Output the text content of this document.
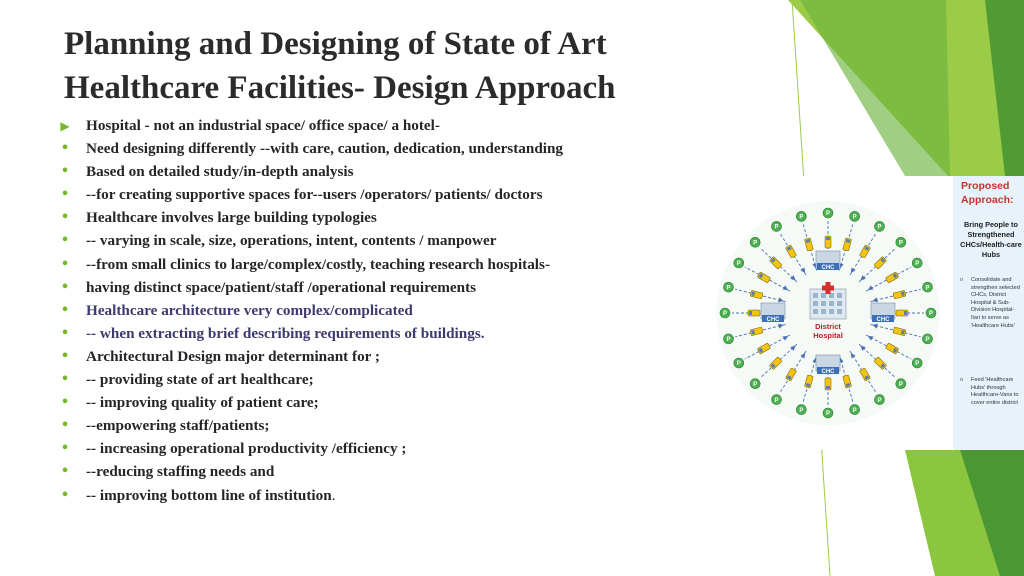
Planning and Designing of State of Art
Healthcare Facilities- Design Approach
▶ Hospital - not an industrial space/ office space/ a hotel-
• Need designing differently --with care, caution, dedication, understanding
• Based on detailed study/in-depth analysis
• --for creating supportive spaces for--users /operators/ patients/ doctors
• Healthcare involves large building typologies
• -- varying in scale, size, operations, intent, contents / manpower
• --from small clinics to large/complex/costly, teaching research hospitals-
• having distinct space/patient/staff /operational requirements
• Healthcare architecture very complex/complicated
• -- when extracting brief describing requirements of buildings.
• Architectural Design major determinant for ;
• -- providing state of art healthcare;
• -- improving quality of patient care;
• --empowering staff/patients;
• -- increasing operational productivity /efficiency ;
• --reducing staffing needs and
• -- improving bottom line of institution.
P
P
P
P
P
P
P
P
P
P
P
P
P
P
P
P
P
P
P
P
P
P
P
P
CHC
CHC	CHC
CHC
District
Hospital
Proposed Approach:
Bring People to Strengthened CHCs/Health-care Hubs
o Consolidate and strengthen selected CHCs, District Hospital & Sub-Division Hospital-Ilari to serve as 'Healthcare Hubs'
o Feed 'Healthcare Hubs' through Healthcare-Vans to cover entire district
